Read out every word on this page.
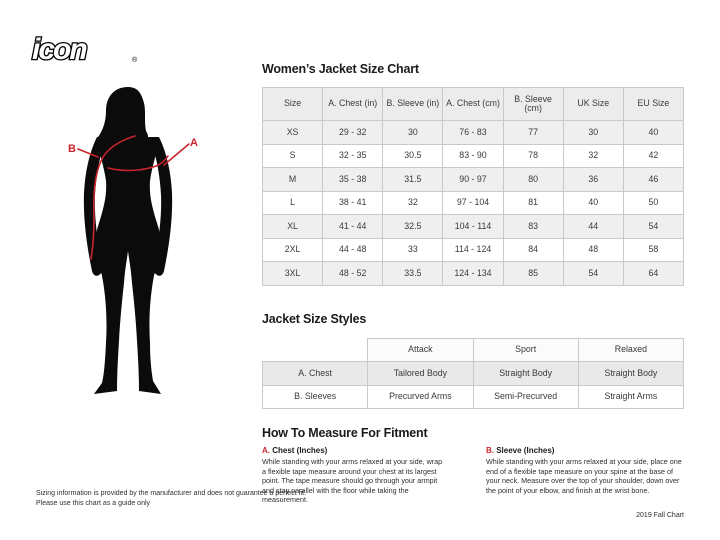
icon	®
A
B
Women’s Jacket Size Chart
Size	A. Chest (in)	B. Sleeve (in)	A. Chest (cm)	B. Sleeve (cm)	UK Size	EU Size
XS	29 - 32	30	76 - 83	77	30	40
S	32 - 35	30.5	83 - 90	78	32	42
M	35 - 38	31.5	90 - 97	80	36	46
L	38 - 41	32	97 - 104	81	40	50
XL	41 - 44	32.5	104 - 114	83	44	54
2XL	44 - 48	33	114 - 124	84	48	58
3XL	48 - 52	33.5	124 - 134	85	54	64
Jacket Size Styles
	Attack	Sport	Relaxed
A. Chest	Tailored Body	Straight Body	Straight Body
B. Sleeves	Precurved Arms	Semi-Precurved	Straight Arms
How To Measure For Fitment
A. Chest (Inches)
While standing with your arms relaxed at your side, wrap a flexible tape measure around your chest at its largest point. The tape measure should go through your armpit and stay parallel with the floor while taking the measurement.
B. Sleeve (Inches)
While standing with your arms relaxed at your side, place one end of a flexible tape measure on your spine at the base of your neck. Measure over the top of your shoulder, down over the point of your elbow, and finish at the wrist bone.
Sizing information is provided by the manufacturer and does not guarantee a perfect fit.
Please use this chart as a guide only
2019 Fall Chart
